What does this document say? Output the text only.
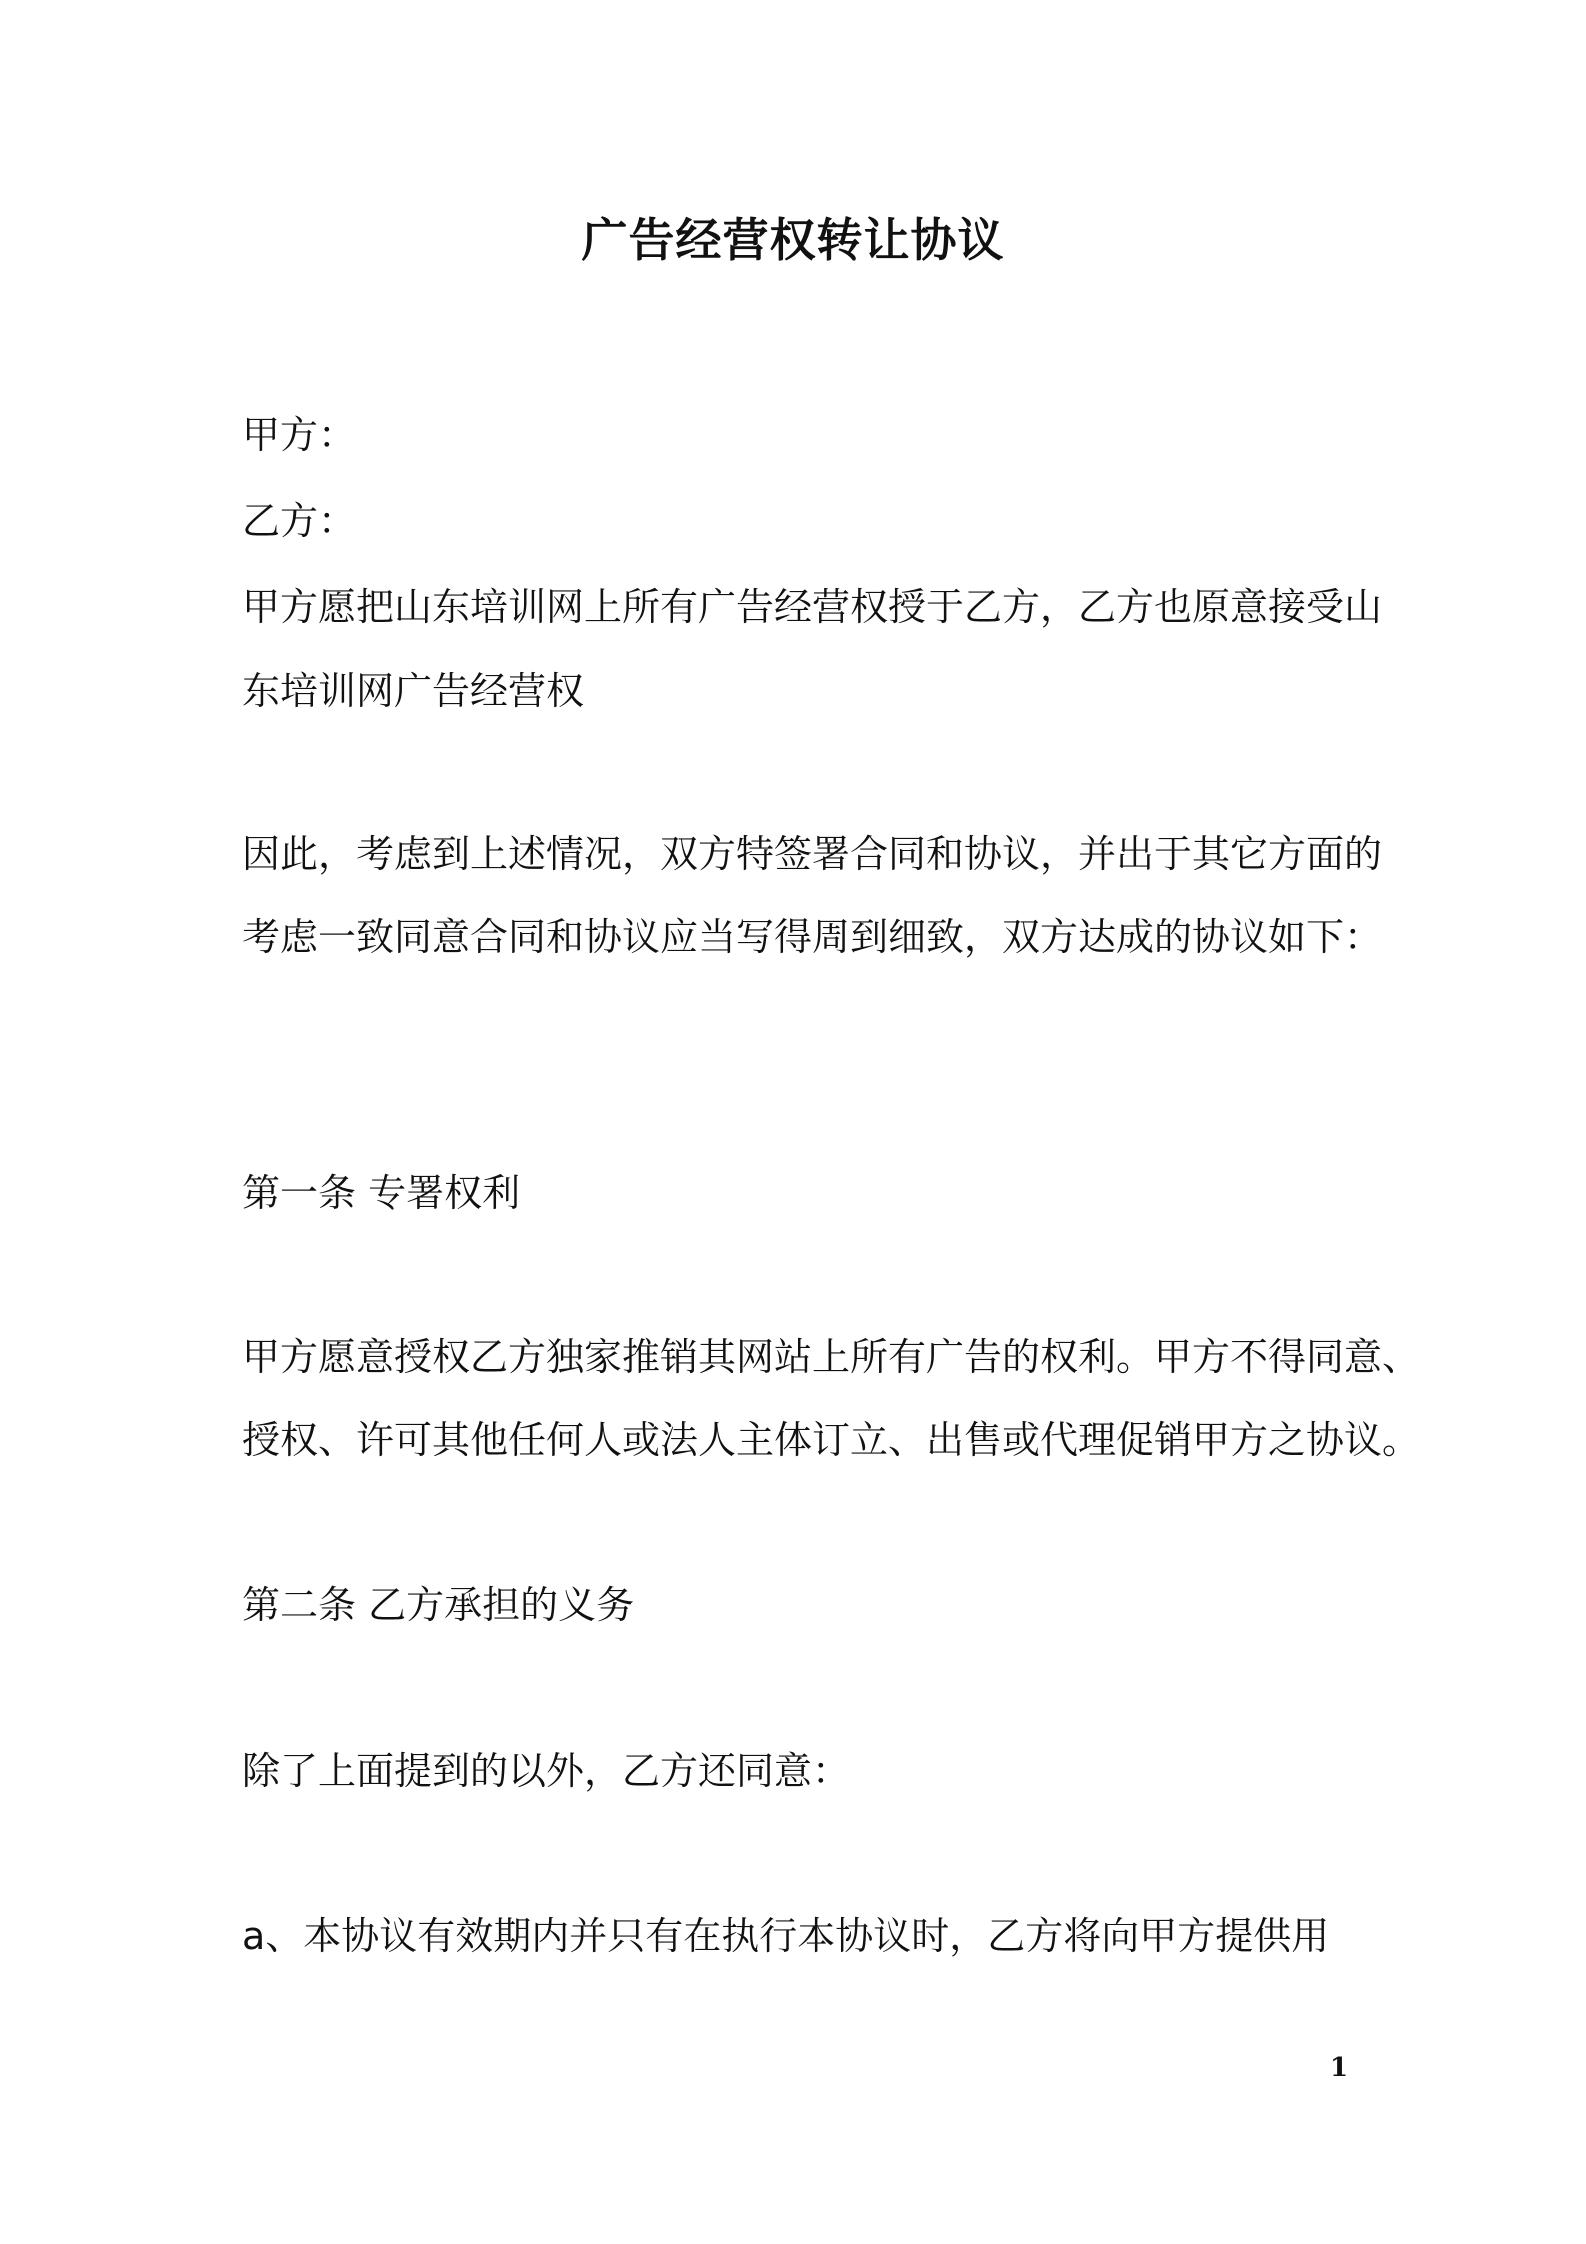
广告经营权转让协议
甲方：
乙方：
甲方愿把山东培训网上所有广告经营权授于乙方，乙方也原意接受山
东培训网广告经营权
因此，考虑到上述情况，双方特签署合同和协议，并出于其它方面的
考虑一致同意合同和协议应当写得周到细致，双方达成的协议如下：
第一条 专署权利
甲方愿意授权乙方独家推销其网站上所有广告的权利。甲方不得同意、
授权、许可其他任何人或法人主体订立、出售或代理促销甲方之协议。
第二条 乙方承担的义务
除了上面提到的以外，乙方还同意：
a、本协议有效期内并只有在执行本协议时，乙方将向甲方提供用
1
